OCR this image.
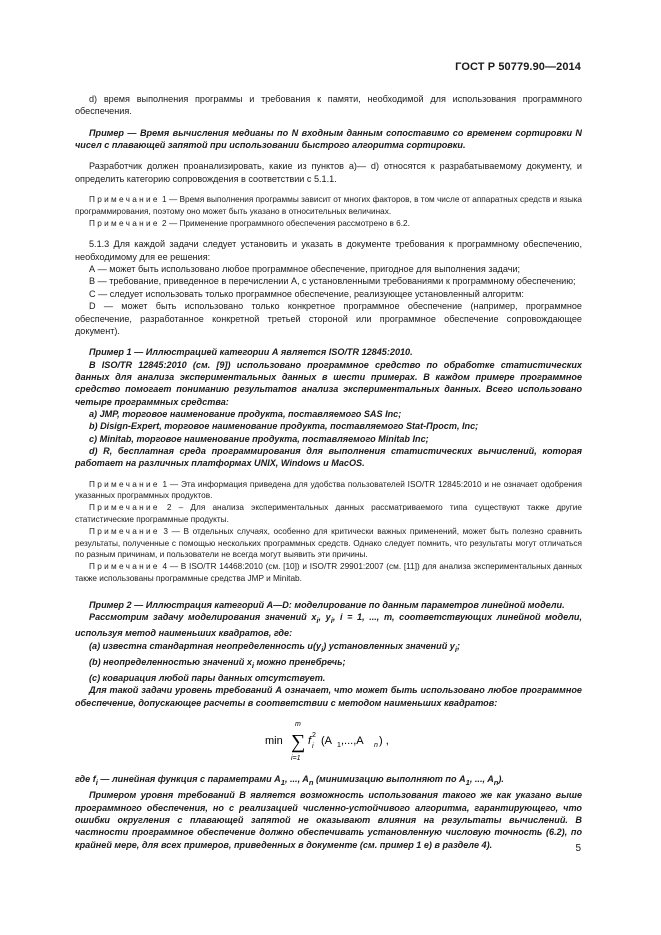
ГОСТ Р 50779.90—2014

d) время выполнения программы и требования к памяти, необходимой для использования программного обеспечения.

Пример — Время вычисления медианы по N входным данным сопоставимо со временем сортировки N чисел с плавающей запятой при использовании быстрого алгоритма сортировки.

Разработчик должен проанализировать, какие из пунктов а)— d) относятся к разрабатываемому документу, и определить категорию сопровождения в соответствии с 5.1.1.

Примечание 1 — Время выполнения программы зависит от многих факторов, в том числе от аппаратных средств и языка программирования, поэтому оно может быть указано в относительных величинах.

Примечание 2 — Применение программного обеспечения рассмотрено в 6.2.

5.1.3 Для каждой задачи следует установить и указать в документе требования к программному обеспечению, необходимому для ее решения:

А — может быть использовано любое программное обеспечение, пригодное для выполнения задачи;

В — требование, приведенное в перечислении А, с установленными требованиями к программному обеспечению;

С — следует использовать только программное обеспечение, реализующее установленный алгоритм:

D — может быть использовано только конкретное программное обеспечение (например, программное обеспечение, разработанное конкретной третьей стороной или программное обеспечение сопровождающее документ).

Пример 1 — Иллюстрацией категории А является ISO/TR 12845:2010.

В ISO/TR 12845:2010 (см. [9]) использовано программное средство по обработке статистических данных для анализа экспериментальных данных в шести примерах. В каждом примере программное средство помогает пониманию результатов анализа экспериментальных данных. Всего использовано четыре программных средства:

a) JMP, торговое наименование продукта, поставляемого SAS Inc;

b) Disign-Expert, торговое наименование продукта, поставляемого Stat-Просm, Inc;

c) Minitab, торговое наименование продукта, поставляемого Minitab Inc;

d) R, бесплатная среда программирования для выполнения статистических вычислений, которая работает на различных платформах UNIX, Windows и MacOS.

Примечание 1 — Эта информация приведена для удобства пользователей ISO/TR 12845:2010 и не означает одобрения указанных программных продуктов.

Примечание 2 – Для анализа экспериментальных данных рассматриваемого типа существуют также другие статистические программные продукты.

Примечание 3 — В отдельных случаях, особенно для критически важных применений, может быть полезно сравнить результаты, полученные с помощью нескольких программных средств. Однако следует помнить, что результаты могут отличаться по разным причинам, и пользователи не всегда могут выявить эти причины.

Примечание 4 — В ISO/TR 14468:2010 (см. [10]) и ISO/TR 29901:2007 (см. [11]) для анализа экспериментальных данных также использованы программные средства JMP и Minitab.

Пример 2 — Иллюстрация категорий А—D: моделирование по данным параметров линейной модели.

Рассмотрим задачу моделирования значений $x_i$, $y_i$, i = 1, ..., m, соответствующих линейной модели, используя метод наименьших квадратов, где:

(а) известна стандартная неопределенность $u(y_i)$ установленных значений $y_i$;

(b) неопределенностью значений $x_i$ можно пренебречь;

(c) ковариация любой пары данных отсутствует.

Для такой задачи уровень требований А означает, что может быть использовано любое программное обеспечение, допускающее расчеты в соответствии с методом наименьших квадратов:

min
m
∑
i=1
f 2
i (A 1 ,...,A n ) ,

где $f_i$ — линейная функция с параметрами $A_1$, ..., $A_n$ (минимизацию выполняют по $A_1$, ..., $A_n$).

Примером уровня требований В является возможность использования такого же как указано выше программного обеспечения, но с реализацией численно-устойчивого алгоритма, гарантирующего, что ошибки округления с плавающей запятой не оказывают влияния на результаты вычислений. В частности программное обеспечение должно обеспечивать установленную числовую точность (6.2), по крайней мере, для всех примеров, приведенных в документе (см. пример 1 е) в разделе 4).	5
